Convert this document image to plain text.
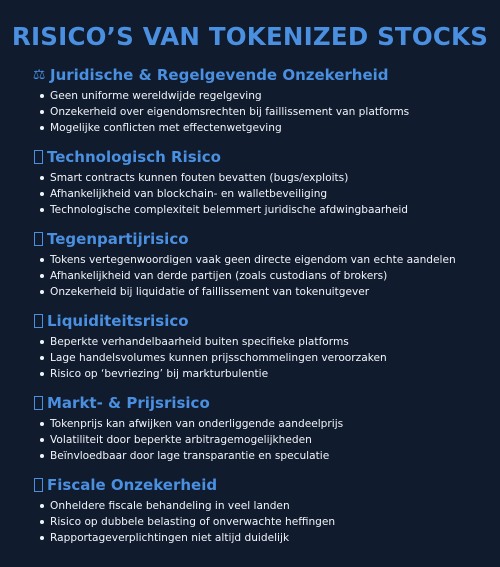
RISICO’S VAN TOKENIZED STOCKS
⚖ Juridische & Regelgevende Onzekerheid
Geen uniforme wereldwijde regelgeving
Onzekerheid over eigendomsrechten bij faillissement van platforms
Mogelijke conflicten met effectenwetgeving
Technologisch Risico
Smart contracts kunnen fouten bevatten (bugs/exploits)
Afhankelijkheid van blockchain- en walletbeveiliging
Technologische complexiteit belemmert juridische afdwingbaarheid
Tegenpartijrisico
Tokens vertegenwoordigen vaak geen directe eigendom van echte aandelen
Afhankelijkheid van derde partijen (zoals custodians of brokers)
Onzekerheid bij liquidatie of faillissement van tokenuitgever
Liquiditeitsrisico
Beperkte verhandelbaarheid buiten specifieke platforms
Lage handelsvolumes kunnen prijsschommelingen veroorzaken
Risico op ‘bevriezing’ bij markturbulentie
Markt- & Prijsrisico
Tokenprijs kan afwijken van onderliggende aandeelprijs
Volatiliteit door beperkte arbitragemogelijkheden
Beïnvloedbaar door lage transparantie en speculatie
Fiscale Onzekerheid
Onheldere fiscale behandeling in veel landen
Risico op dubbele belasting of onverwachte heffingen
Rapportageverplichtingen niet altijd duidelijk
